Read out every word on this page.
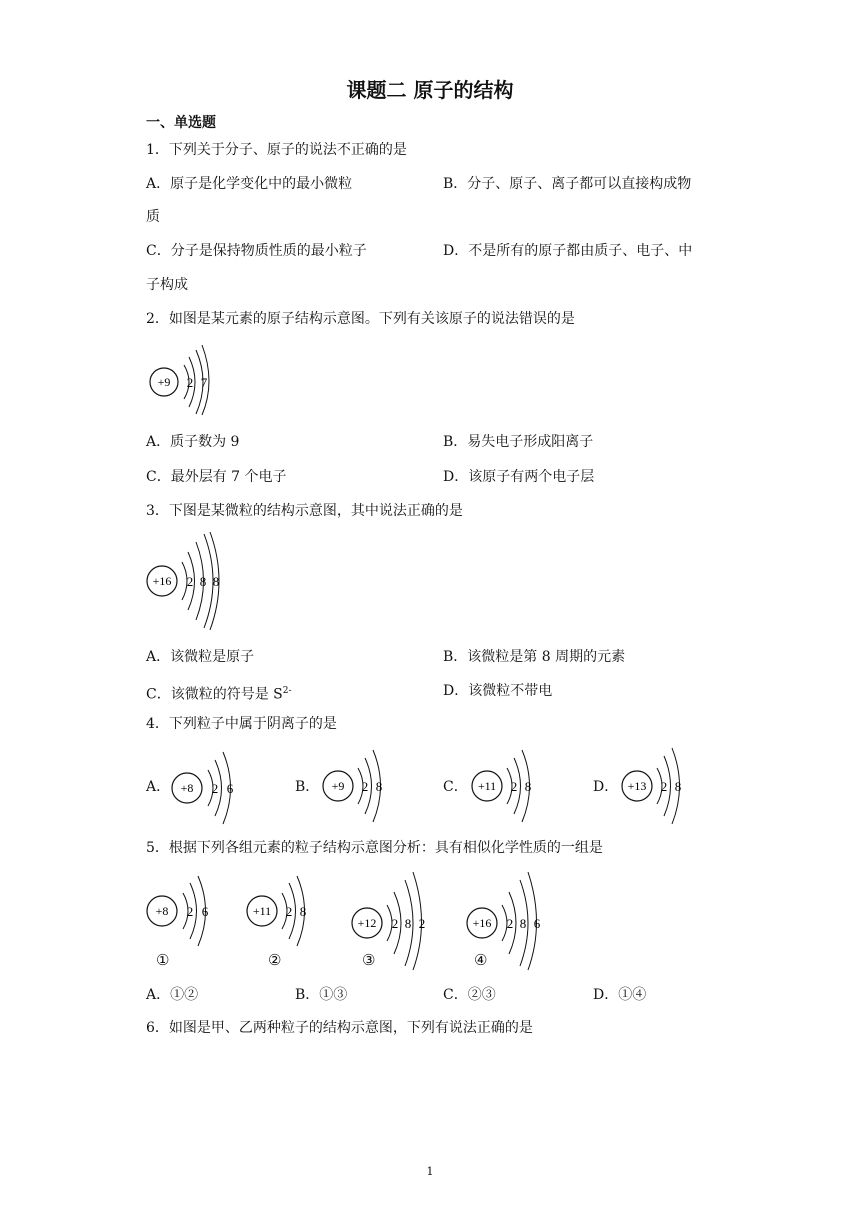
课题二 原子的结构
一、单选题
1．下列关于分子、原子的说法不正确的是
A．原子是化学变化中的最小微粒	B．分子、原子、离子都可以直接构成物
质
C．分子是保持物质性质的最小粒子	D．不是所有的原子都由质子、电子、中
子构成
2．如图是某元素的原子结构示意图。下列有关该原子的说法错误的是
+9 2 7
A．质子数为 9	B．易失电子形成阳离子
C．最外层有 7 个电子	D．该原子有两个电子层
3．下图是某微粒的结构示意图，其中说法正确的是
+16 2 8 8
A．该微粒是原子	B．该微粒是第 8 周期的元素
C．该微粒的符号是 $S^{2-}$	D．该微粒不带电
4．下列粒子中属于阴离子的是
A． +8 2 6	B． +9 2 8	C． +11 2 8	D． +13 2 8
5．根据下列各组元素的粒子结构示意图分析：具有相似化学性质的一组是
+8 2 6
①
+11 2 8
②
+12 2 8 2
③
+16 2 8 6
④
A．①②	B．①③	C．②③	D．①④
6．如图是甲、乙两种粒子的结构示意图，下列有说法正确的是
1
